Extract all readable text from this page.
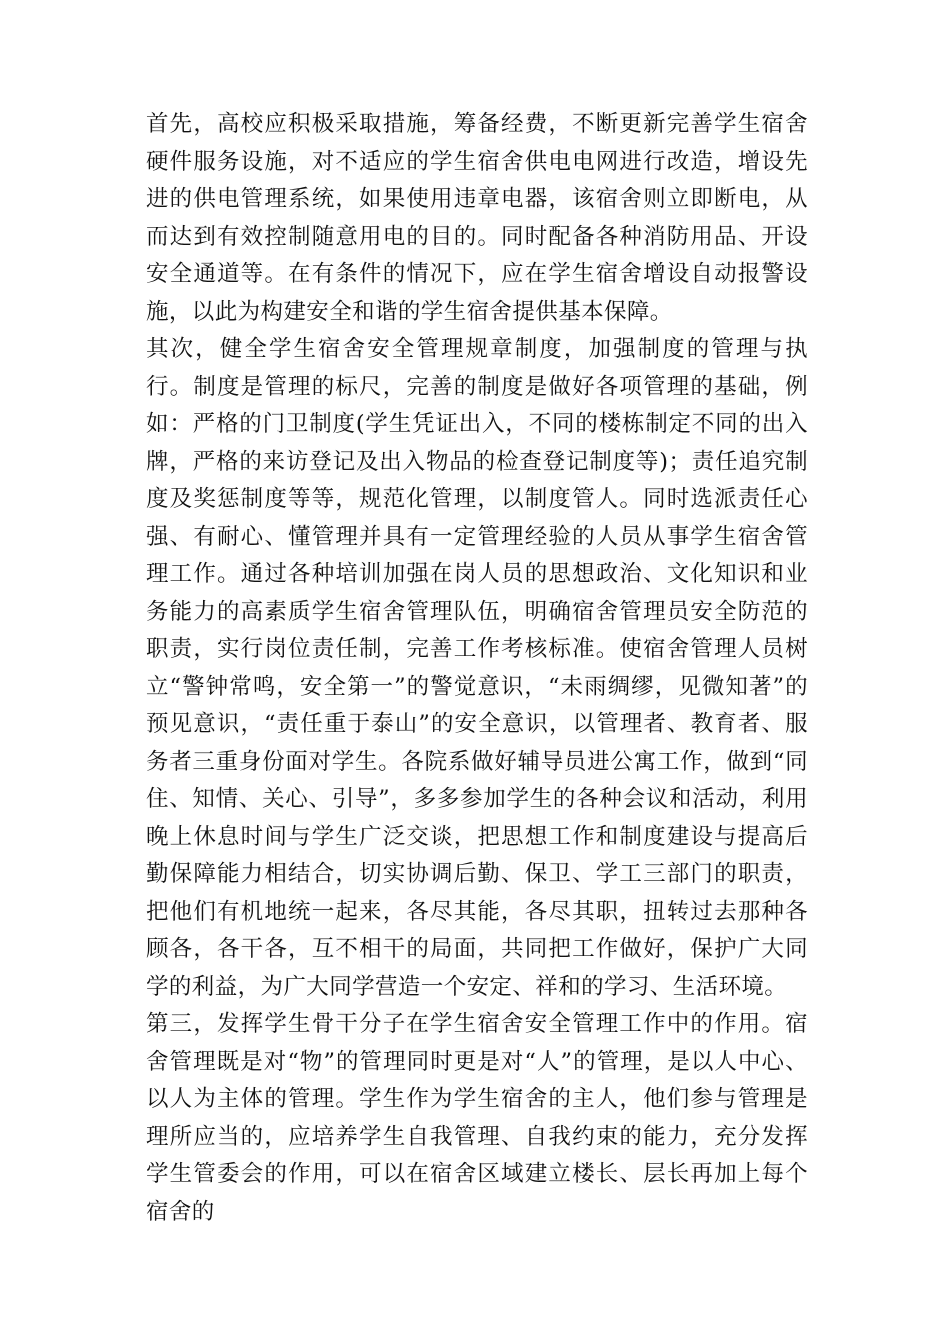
首先，高校应积极采取措施，筹备经费，不断更新完善学生宿舍硬件服务设施，对不适应的学生宿舍供电电网进行改造，增设先进的供电管理系统，如果使用违章电器，该宿舍则立即断电，从而达到有效控制随意用电的目的。同时配备各种消防用品、开设安全通道等。在有条件的情况下，应在学生宿舍增设自动报警设施，以此为构建安全和谐的学生宿舍提供基本保障。

其次，健全学生宿舍安全管理规章制度，加强制度的管理与执行。制度是管理的标尺，完善的制度是做好各项管理的基础，例如：严格的门卫制度(学生凭证出入，不同的楼栋制定不同的出入牌，严格的来访登记及出入物品的检查登记制度等)；责任追究制度及奖惩制度等等，规范化管理，以制度管人。同时选派责任心强、有耐心、懂管理并具有一定管理经验的人员从事学生宿舍管理工作。通过各种培训加强在岗人员的思想政治、文化知识和业务能力的高素质学生宿舍管理队伍，明确宿舍管理员安全防范的职责，实行岗位责任制，完善工作考核标准。使宿舍管理人员树立“警钟常鸣，安全第一”的警觉意识，“未雨绸缪，见微知著”的预见意识，“责任重于泰山”的安全意识，以管理者、教育者、服务者三重身份面对学生。各院系做好辅导员进公寓工作，做到“同住、知情、关心、引导”，多多参加学生的各种会议和活动，利用晚上休息时间与学生广泛交谈，把思想工作和制度建设与提高后勤保障能力相结合，切实协调后勤、保卫、学工三部门的职责，把他们有机地统一起来，各尽其能，各尽其职，扭转过去那种各顾各，各干各，互不相干的局面，共同把工作做好，保护广大同学的利益，为广大同学营造一个安定、祥和的学习、生活环境。

第三，发挥学生骨干分子在学生宿舍安全管理工作中的作用。宿舍管理既是对“物”的管理同时更是对“人”的管理，是以人中心、以人为主体的管理。学生作为学生宿舍的主人，他们参与管理是理所应当的，应培养学生自我管理、自我约束的能力，充分发挥学生管委会的作用，可以在宿舍区域建立楼长、层长再加上每个宿舍的
